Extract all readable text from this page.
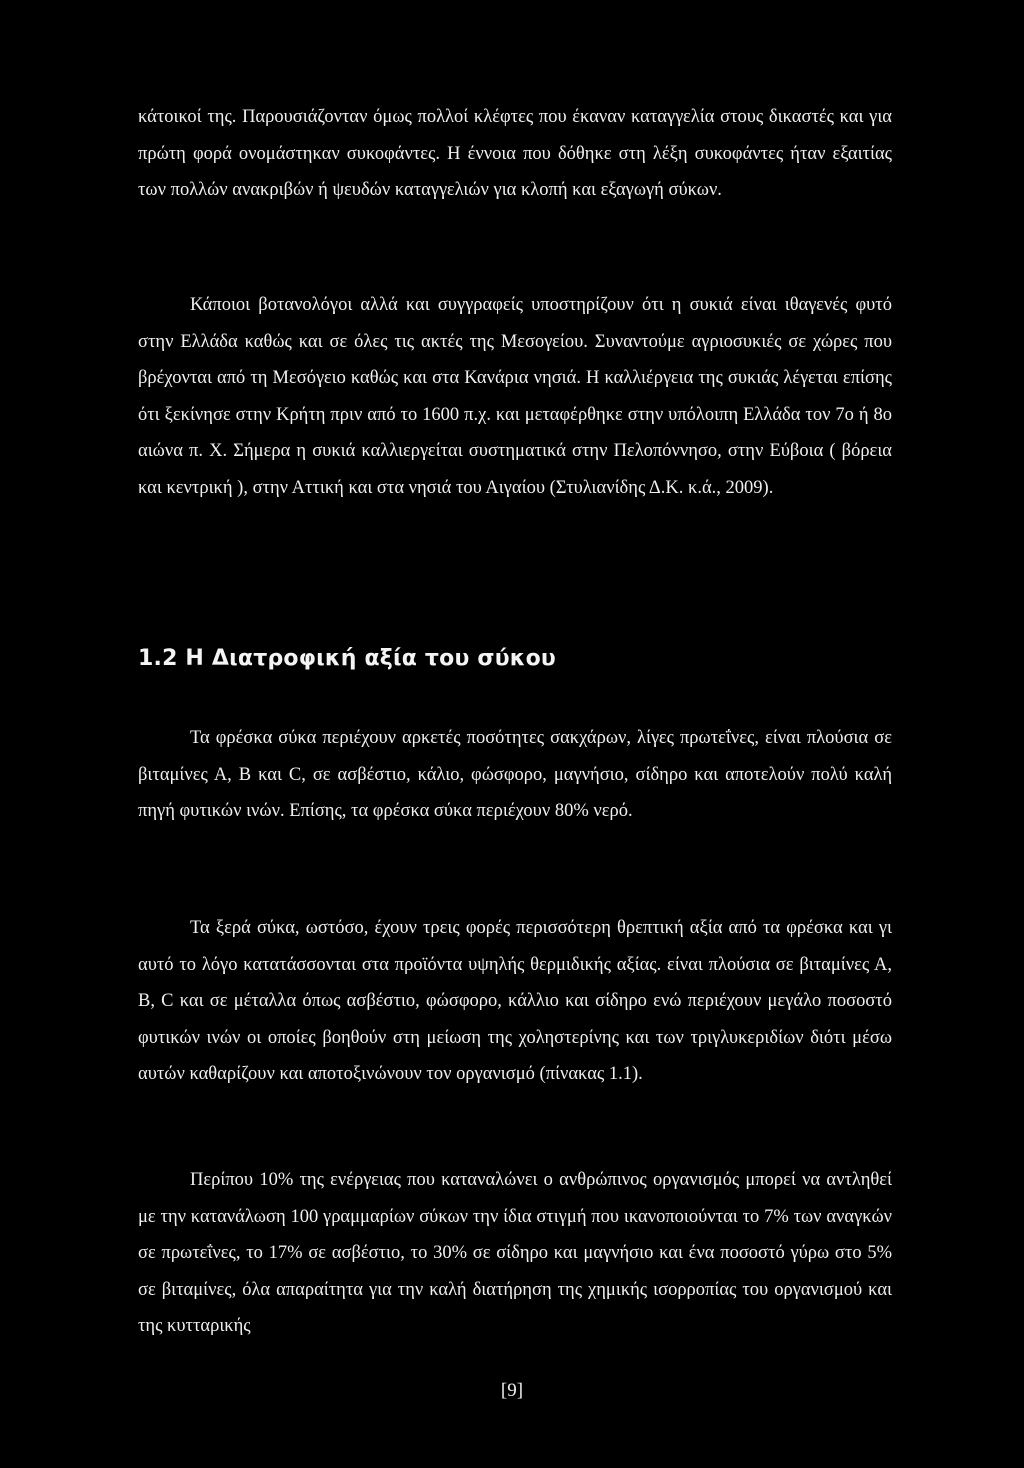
κάτοικοί της. Παρουσιάζονταν όμως πολλοί κλέφτες που έκαναν καταγγελία στους δικαστές και για πρώτη φορά ονομάστηκαν συκοφάντες. Η έννοια που δόθηκε στη λέξη συκοφάντες ήταν εξαιτίας των πολλών ανακριβών ή ψευδών καταγγελιών για κλοπή και εξαγωγή σύκων.

Κάποιοι βοτανολόγοι αλλά και συγγραφείς υποστηρίζουν ότι η συκιά είναι ιθαγενές φυτό στην Ελλάδα καθώς και σε όλες τις ακτές της Μεσογείου. Συναντούμε αγριοσυκιές σε χώρες που βρέχονται από τη Μεσόγειο καθώς και στα Κανάρια νησιά. Η καλλιέργεια της συκιάς λέγεται επίσης ότι ξεκίνησε στην Κρήτη πριν από το 1600 π.χ. και μεταφέρθηκε στην υπόλοιπη Ελλάδα τον 7ο ή 8ο αιώνα π. Χ. Σήμερα η συκιά καλλιεργείται συστηματικά στην Πελοπόννησο, στην Εύβοια ( βόρεια και κεντρική ), στην Αττική και στα νησιά του Αιγαίου (Στυλιανίδης Δ.Κ. κ.ά., 2009).

1.2 Η Διατροφική αξία του σύκου

Τα φρέσκα σύκα περιέχουν αρκετές ποσότητες σακχάρων, λίγες πρωτεΐνες, είναι πλούσια σε βιταμίνες Α, Β και C, σε ασβέστιο, κάλιο, φώσφορο, μαγνήσιο, σίδηρο και αποτελούν πολύ καλή πηγή φυτικών ινών. Επίσης, τα φρέσκα σύκα περιέχουν 80% νερό.

Τα ξερά σύκα, ωστόσο, έχουν τρεις φορές περισσότερη θρεπτική αξία από τα φρέσκα και γι αυτό το λόγο κατατάσσονται στα προϊόντα υψηλής θερμιδικής αξίας. είναι πλούσια σε βιταμίνες Α, Β, C και σε μέταλλα όπως ασβέστιο, φώσφορο, κάλλιο και σίδηρο ενώ περιέχουν μεγάλο ποσοστό φυτικών ινών οι οποίες βοηθούν στη μείωση της χοληστερίνης και των τριγλυκεριδίων διότι μέσω αυτών καθαρίζουν και αποτοξινώνουν τον οργανισμό (πίνακας 1.1).

Περίπου 10% της ενέργειας που καταναλώνει ο ανθρώπινος οργανισμός μπορεί να αντληθεί με την κατανάλωση 100 γραμμαρίων σύκων την ίδια στιγμή που ικανοποιούνται το 7% των αναγκών σε πρωτεΐνες, το 17% σε ασβέστιο, το 30% σε σίδηρο και μαγνήσιο και ένα ποσοστό γύρω στο 5% σε βιταμίνες, όλα απαραίτητα για την καλή διατήρηση της χημικής ισορροπίας του οργανισμού και της κυτταρικής

[9]
